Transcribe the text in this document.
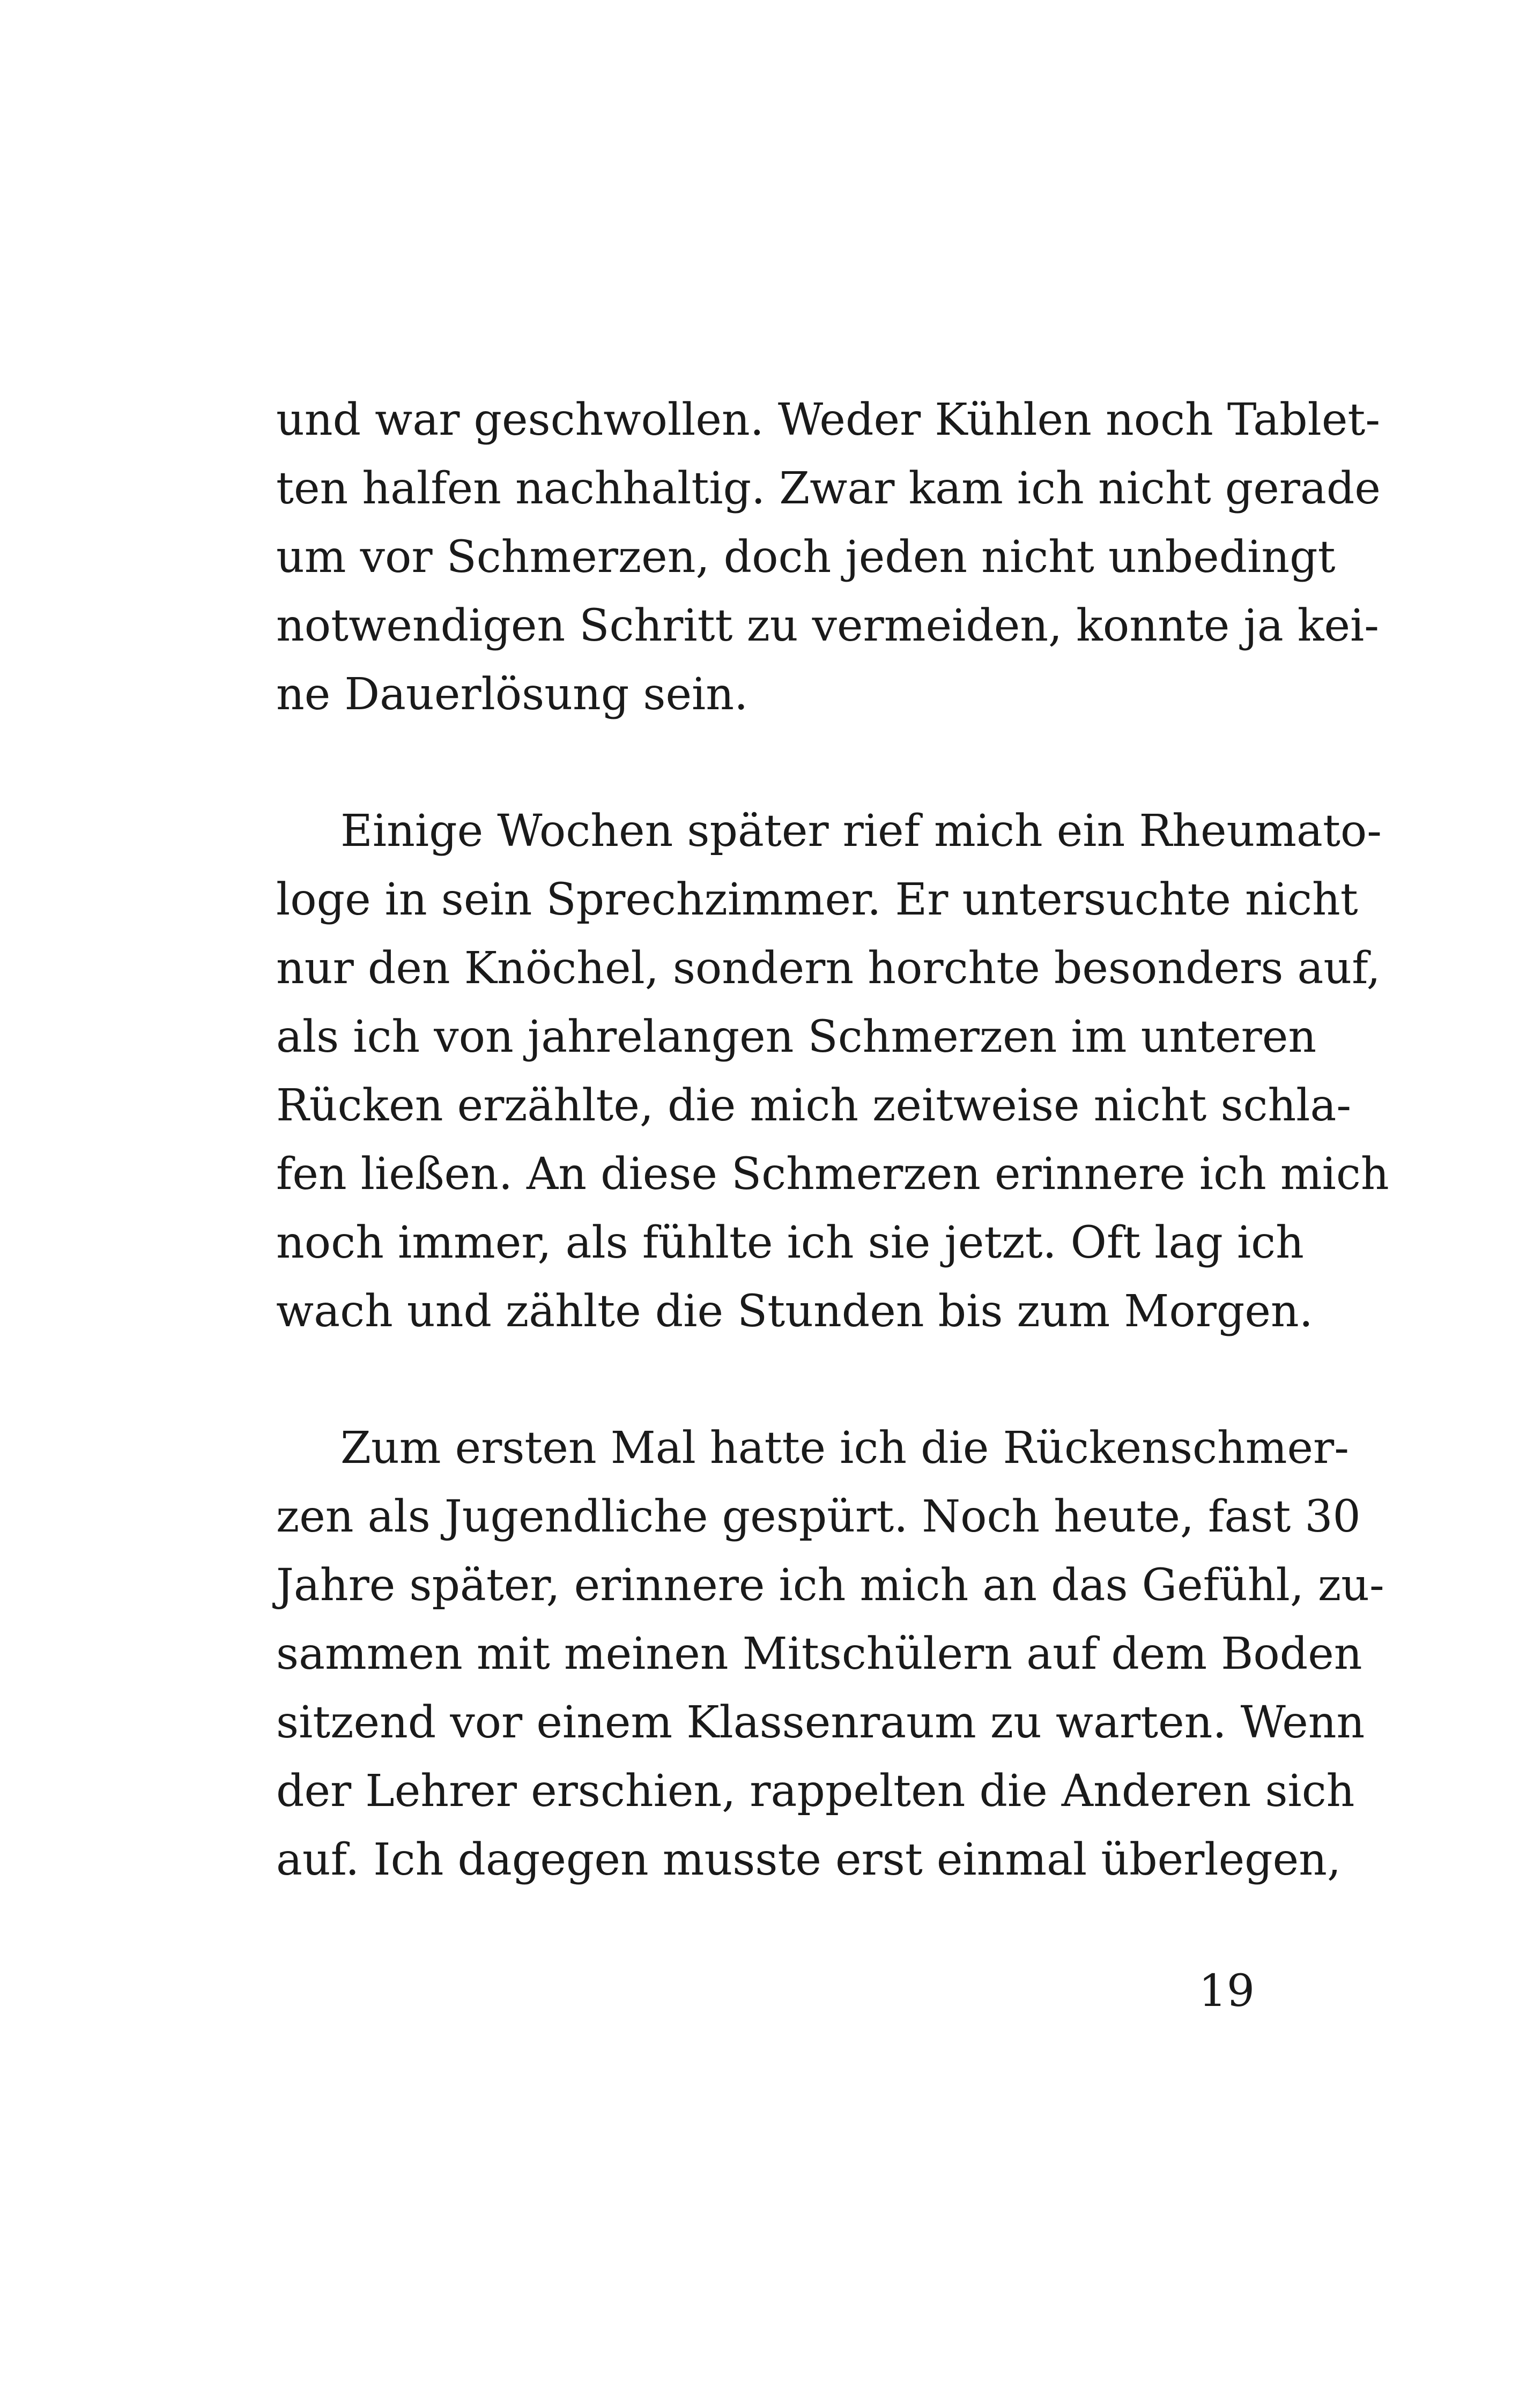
und war geschwollen. Weder Kühlen noch Tablet-
ten halfen nachhaltig. Zwar kam ich nicht gerade
um vor Schmerzen, doch jeden nicht unbedingt
notwendigen Schritt zu vermeiden, konnte ja kei-
ne Dauerlösung sein.
Einige Wochen später rief mich ein Rheumato-
loge in sein Sprechzimmer. Er untersuchte nicht
nur den Knöchel, sondern horchte besonders auf,
als ich von jahrelangen Schmerzen im unteren
Rücken erzählte, die mich zeitweise nicht schla-
fen ließen. An diese Schmerzen erinnere ich mich
noch immer, als fühlte ich sie jetzt. Oft lag ich
wach und zählte die Stunden bis zum Morgen.
Zum ersten Mal hatte ich die Rückenschmer-
zen als Jugendliche gespürt. Noch heute, fast 30
Jahre später, erinnere ich mich an das Gefühl, zu-
sammen mit meinen Mitschülern auf dem Boden
sitzend vor einem Klassenraum zu warten. Wenn
der Lehrer erschien, rappelten die Anderen sich
auf. Ich dagegen musste erst einmal überlegen,
19
